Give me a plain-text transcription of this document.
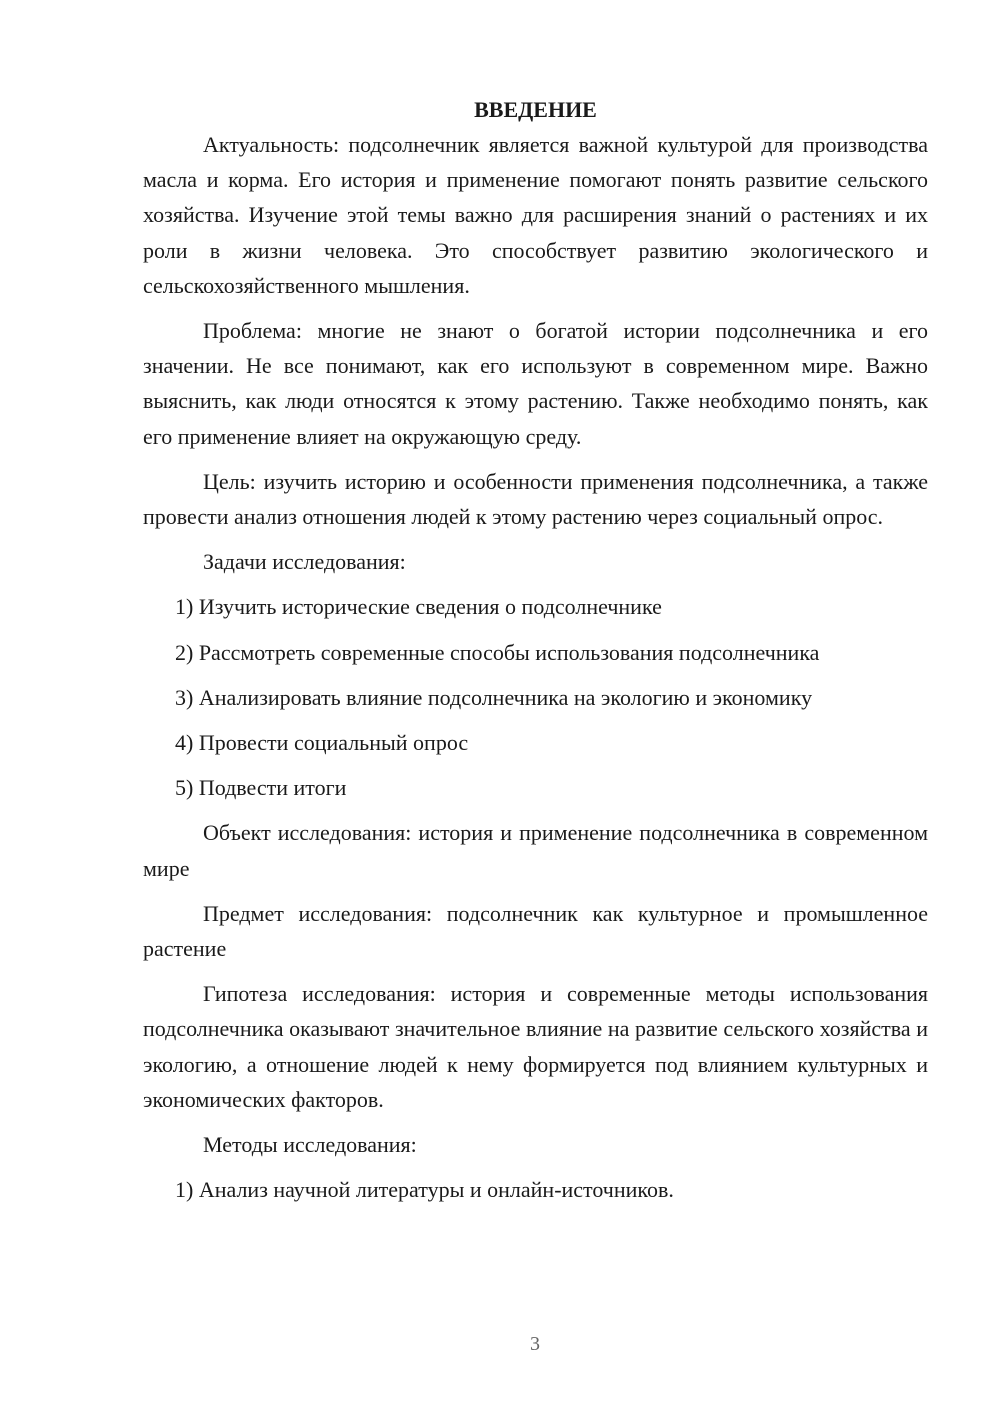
ВВЕДЕНИЕ

Актуальность: подсолнечник является важной культурой для производства масла и корма. Его история и применение помогают понять развитие сельского хозяйства. Изучение этой темы важно для расширения знаний о растениях и их роли в жизни человека. Это способствует развитию экологического и сельскохозяйственного мышления.

Проблема: многие не знают о богатой истории подсолнечника и его значении. Не все понимают, как его используют в современном мире. Важно выяснить, как люди относятся к этому растению. Также необходимо понять, как его применение влияет на окружающую среду.

Цель: изучить историю и особенности применения подсолнечника, а также провести анализ отношения людей к этому растению через социальный опрос.

Задачи исследования:

1) Изучить исторические сведения о подсолнечнике
2) Рассмотреть современные способы использования подсолнечника
3) Анализировать влияние подсолнечника на экологию и экономику
4) Провести социальный опрос
5) Подвести итоги

Объект исследования: история и применение подсолнечника в современном мире

Предмет исследования: подсолнечник как культурное и промышленное растение

Гипотеза исследования: история и современные методы использования подсолнечника оказывают значительное влияние на развитие сельского хозяйства и экологию, а отношение людей к нему формируется под влиянием культурных и экономических факторов.

Методы исследования:

1) Анализ научной литературы и онлайн-источников.
3
